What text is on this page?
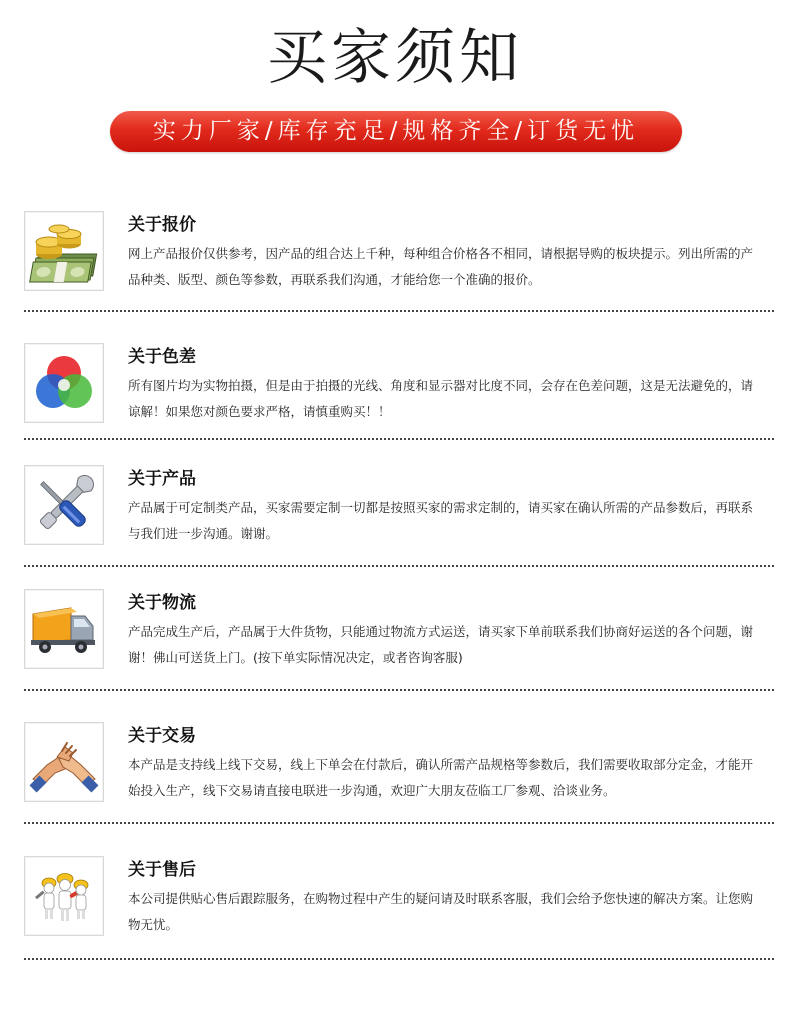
买家须知
实力厂家/库存充足/规格齐全/订货无忧
关于报价
网上产品报价仅供参考，因产品的组合达上千种，每种组合价格各不相同，请根据导购的板块提示。列出所需的产品种类、版型、颜色等参数，再联系我们沟通，才能给您一个准确的报价。
关于色差
所有图片均为实物拍摄，但是由于拍摄的光线、角度和显示器对比度不同，会存在色差问题，这是无法避免的，请谅解！如果您对颜色要求严格，请慎重购买！！
关于产品
产品属于可定制类产品，买家需要定制一切都是按照买家的需求定制的，请买家在确认所需的产品参数后，再联系与我们进一步沟通。谢谢。
关于物流
产品完成生产后，产品属于大件货物，只能通过物流方式运送，请买家下单前联系我们协商好运送的各个问题，谢谢！佛山可送货上门。(按下单实际情况决定，或者咨询客服)
关于交易
本产品是支持线上线下交易，线上下单会在付款后，确认所需产品规格等参数后，我们需要收取部分定金，才能开始投入生产，线下交易请直接电联进一步沟通，欢迎广大朋友莅临工厂参观、洽谈业务。
关于售后
本公司提供贴心售后跟踪服务，在购物过程中产生的疑问请及时联系客服，我们会给予您快速的解决方案。让您购物无忧。
